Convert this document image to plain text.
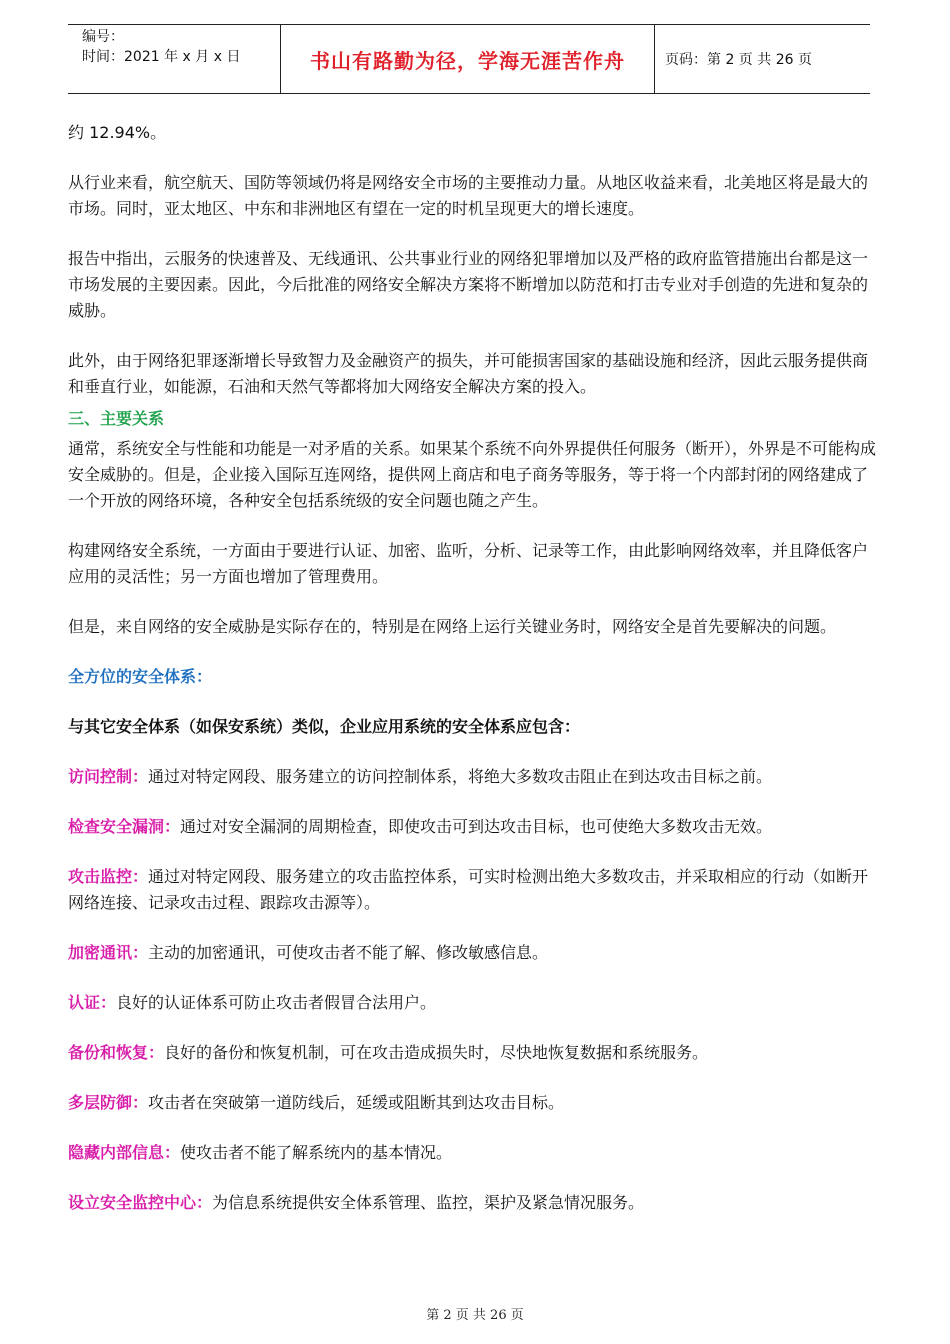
编号：
时间：2021 年 x 月 x 日	书山有路勤为径，学海无涯苦作舟	页码：第 2 页 共 26 页

约 12.94%。

从行业来看，航空航天、国防等领域仍将是网络安全市场的主要推动力量。从地区收益来看，北美地区将是最大的市场。同时，亚太地区、中东和非洲地区有望在一定的时机呈现更大的增长速度。

报告中指出，云服务的快速普及、无线通讯、公共事业行业的网络犯罪增加以及严格的政府监管措施出台都是这一市场发展的主要因素。因此，今后批准的网络安全解决方案将不断增加以防范和打击专业对手创造的先进和复杂的威胁。

此外，由于网络犯罪逐渐增长导致智力及金融资产的损失，并可能损害国家的基础设施和经济，因此云服务提供商和垂直行业，如能源，石油和天然气等都将加大网络安全解决方案的投入。

三、主要关系

通常，系统安全与性能和功能是一对矛盾的关系。如果某个系统不向外界提供任何服务（断开），外界是不可能构成安全威胁的。但是，企业接入国际互连网络，提供网上商店和电子商务等服务，等于将一个内部封闭的网络建成了一个开放的网络环境，各种安全包括系统级的安全问题也随之产生。

构建网络安全系统，一方面由于要进行认证、加密、监听，分析、记录等工作，由此影响网络效率，并且降低客户应用的灵活性；另一方面也增加了管理费用。

但是，来自网络的安全威胁是实际存在的，特别是在网络上运行关键业务时，网络安全是首先要解决的问题。

全方位的安全体系：

与其它安全体系（如保安系统）类似，企业应用系统的安全体系应包含：

访问控制：通过对特定网段、服务建立的访问控制体系，将绝大多数攻击阻止在到达攻击目标之前。

检查安全漏洞：通过对安全漏洞的周期检查，即使攻击可到达攻击目标，也可使绝大多数攻击无效。

攻击监控：通过对特定网段、服务建立的攻击监控体系，可实时检测出绝大多数攻击，并采取相应的行动（如断开网络连接、记录攻击过程、跟踪攻击源等）。

加密通讯：主动的加密通讯，可使攻击者不能了解、修改敏感信息。

认证：良好的认证体系可防止攻击者假冒合法用户。

备份和恢复：良好的备份和恢复机制，可在攻击造成损失时，尽快地恢复数据和系统服务。

多层防御：攻击者在突破第一道防线后，延缓或阻断其到达攻击目标。

隐藏内部信息：使攻击者不能了解系统内的基本情况。

设立安全监控中心：为信息系统提供安全体系管理、监控，渠护及紧急情况服务。

第 2 页 共 26 页
